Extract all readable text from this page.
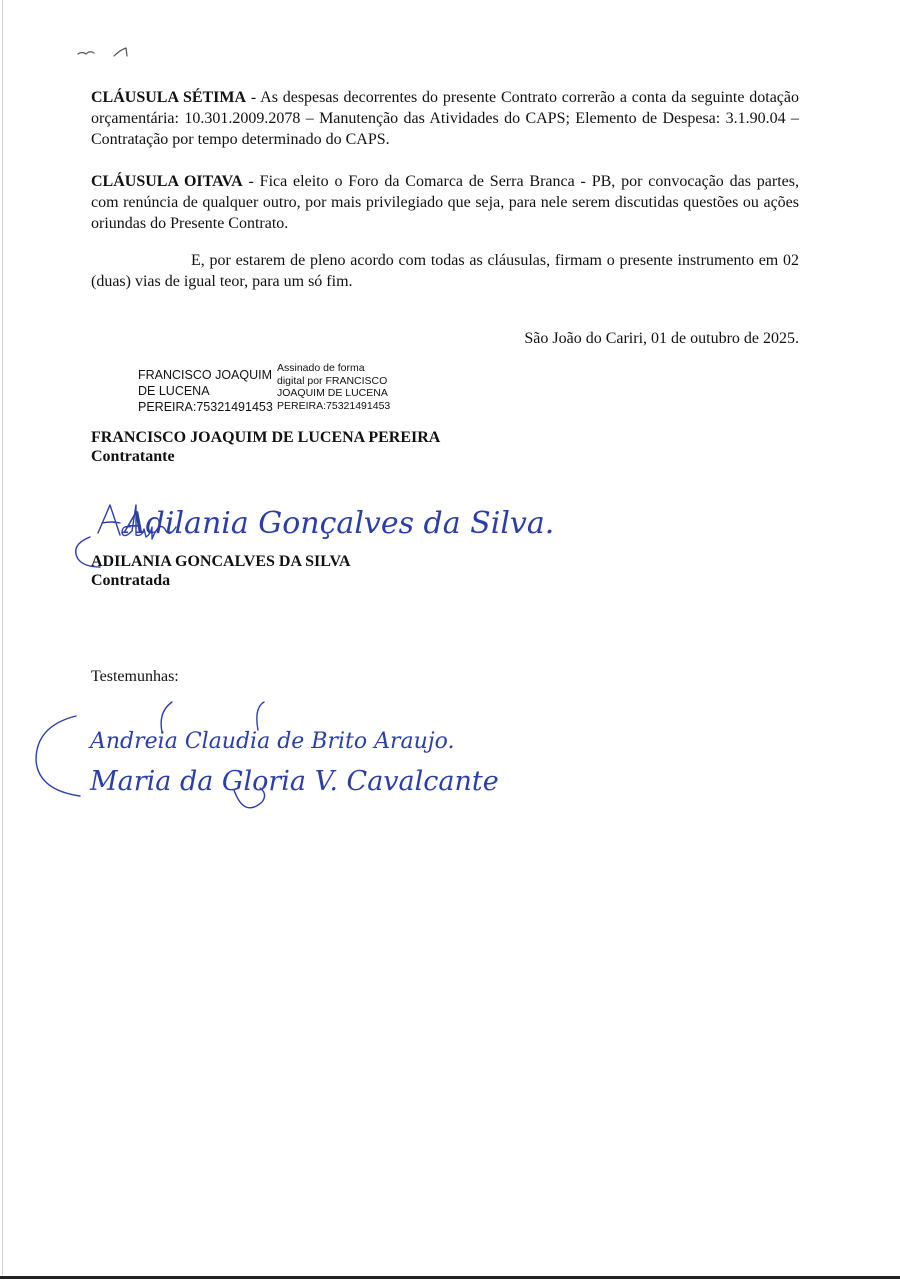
CLÁUSULA SÉTIMA - As despesas decorrentes do presente Contrato correrão a conta da seguinte dotação orçamentária: 10.301.2009.2078 – Manutenção das Atividades do CAPS; Elemento de Despesa: 3.1.90.04 – Contratação por tempo determinado do CAPS.

CLÁUSULA OITAVA - Fica eleito o Foro da Comarca de Serra Branca - PB, por convocação das partes, com renúncia de qualquer outro, por mais privilegiado que seja, para nele serem discutidas questões ou ações oriundas do Presente Contrato.

E, por estarem de pleno acordo com todas as cláusulas, firmam o presente instrumento em 02 (duas) vias de igual teor, para um só fim.

São João do Cariri, 01 de outubro de 2025.
FRANCISCO JOAQUIM
DE LUCENA
PEREIRA:75321491453
Assinado de forma
digital por FRANCISCO
JOAQUIM DE LUCENA
PEREIRA:75321491453

FRANCISCO JOAQUIM DE LUCENA PEREIRA

Contratante

Adilania Gonçalves da Silva.

ADILANIA GONCALVES DA SILVA

Contratada

Testemunhas:
Andreia Claudia de Brito Araujo.
Maria da Gloria V. Cavalcante
